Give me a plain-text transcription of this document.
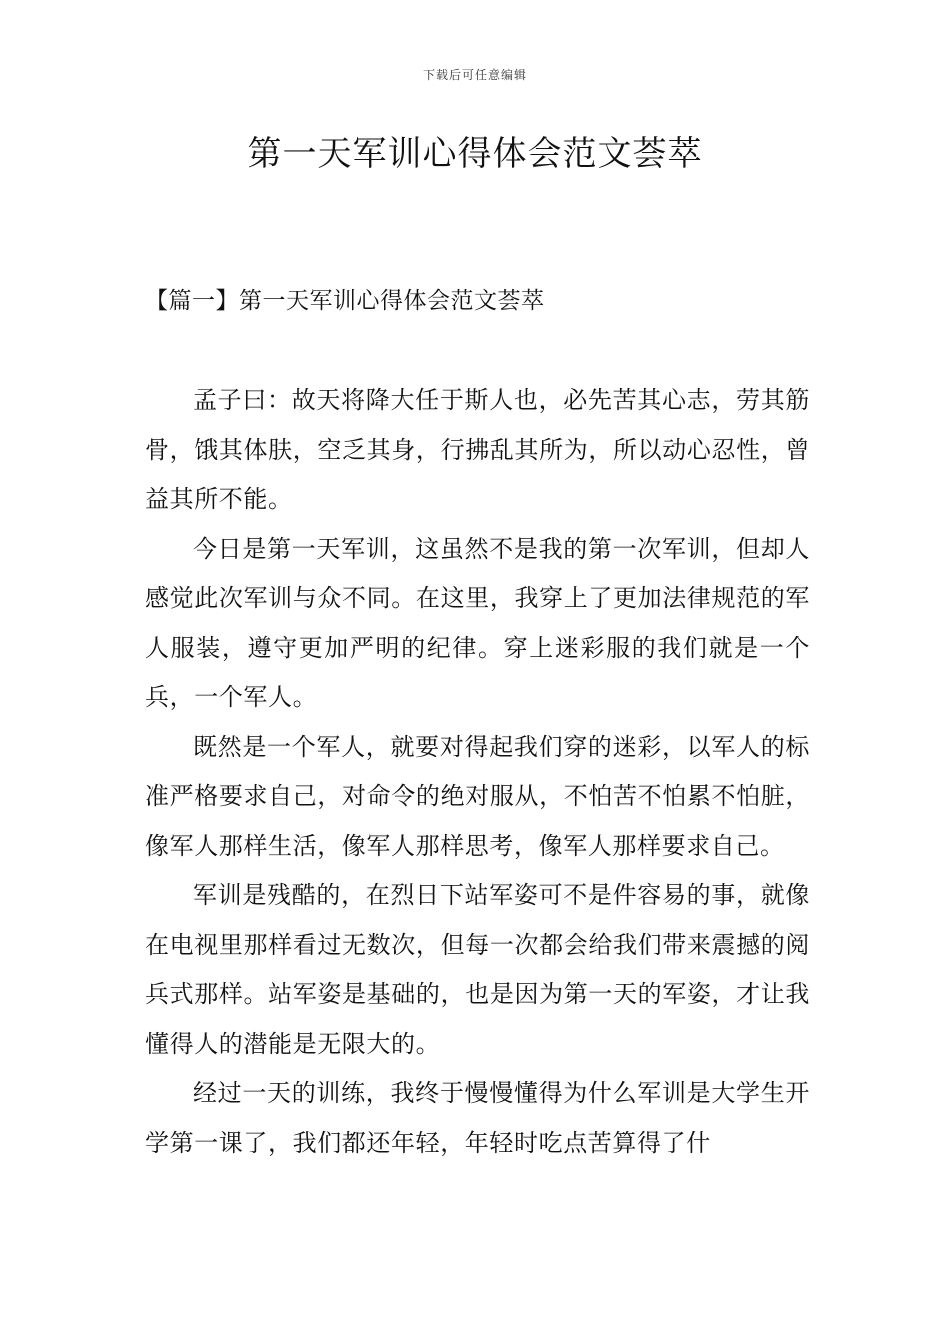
下载后可任意编辑
第一天军训心得体会范文荟萃
【篇一】第一天军训心得体会范文荟萃

孟子曰：故天将降大任于斯人也，必先苦其心志，劳其筋骨，饿其体肤，空乏其身，行拂乱其所为，所以动心忍性，曾益其所不能。

今日是第一天军训，这虽然不是我的第一次军训，但却人感觉此次军训与众不同。在这里，我穿上了更加法律规范的军人服装，遵守更加严明的纪律。穿上迷彩服的我们就是一个兵，一个军人。

既然是一个军人，就要对得起我们穿的迷彩，以军人的标准严格要求自己，对命令的绝对服从，不怕苦不怕累不怕脏，像军人那样生活，像军人那样思考，像军人那样要求自己。

军训是残酷的，在烈日下站军姿可不是件容易的事，就像在电视里那样看过无数次，但每一次都会给我们带来震撼的阅兵式那样。站军姿是基础的，也是因为第一天的军姿，才让我懂得人的潜能是无限大的。

经过一天的训练，我终于慢慢懂得为什么军训是大学生开学第一课了，我们都还年轻，年轻时吃点苦算得了什
